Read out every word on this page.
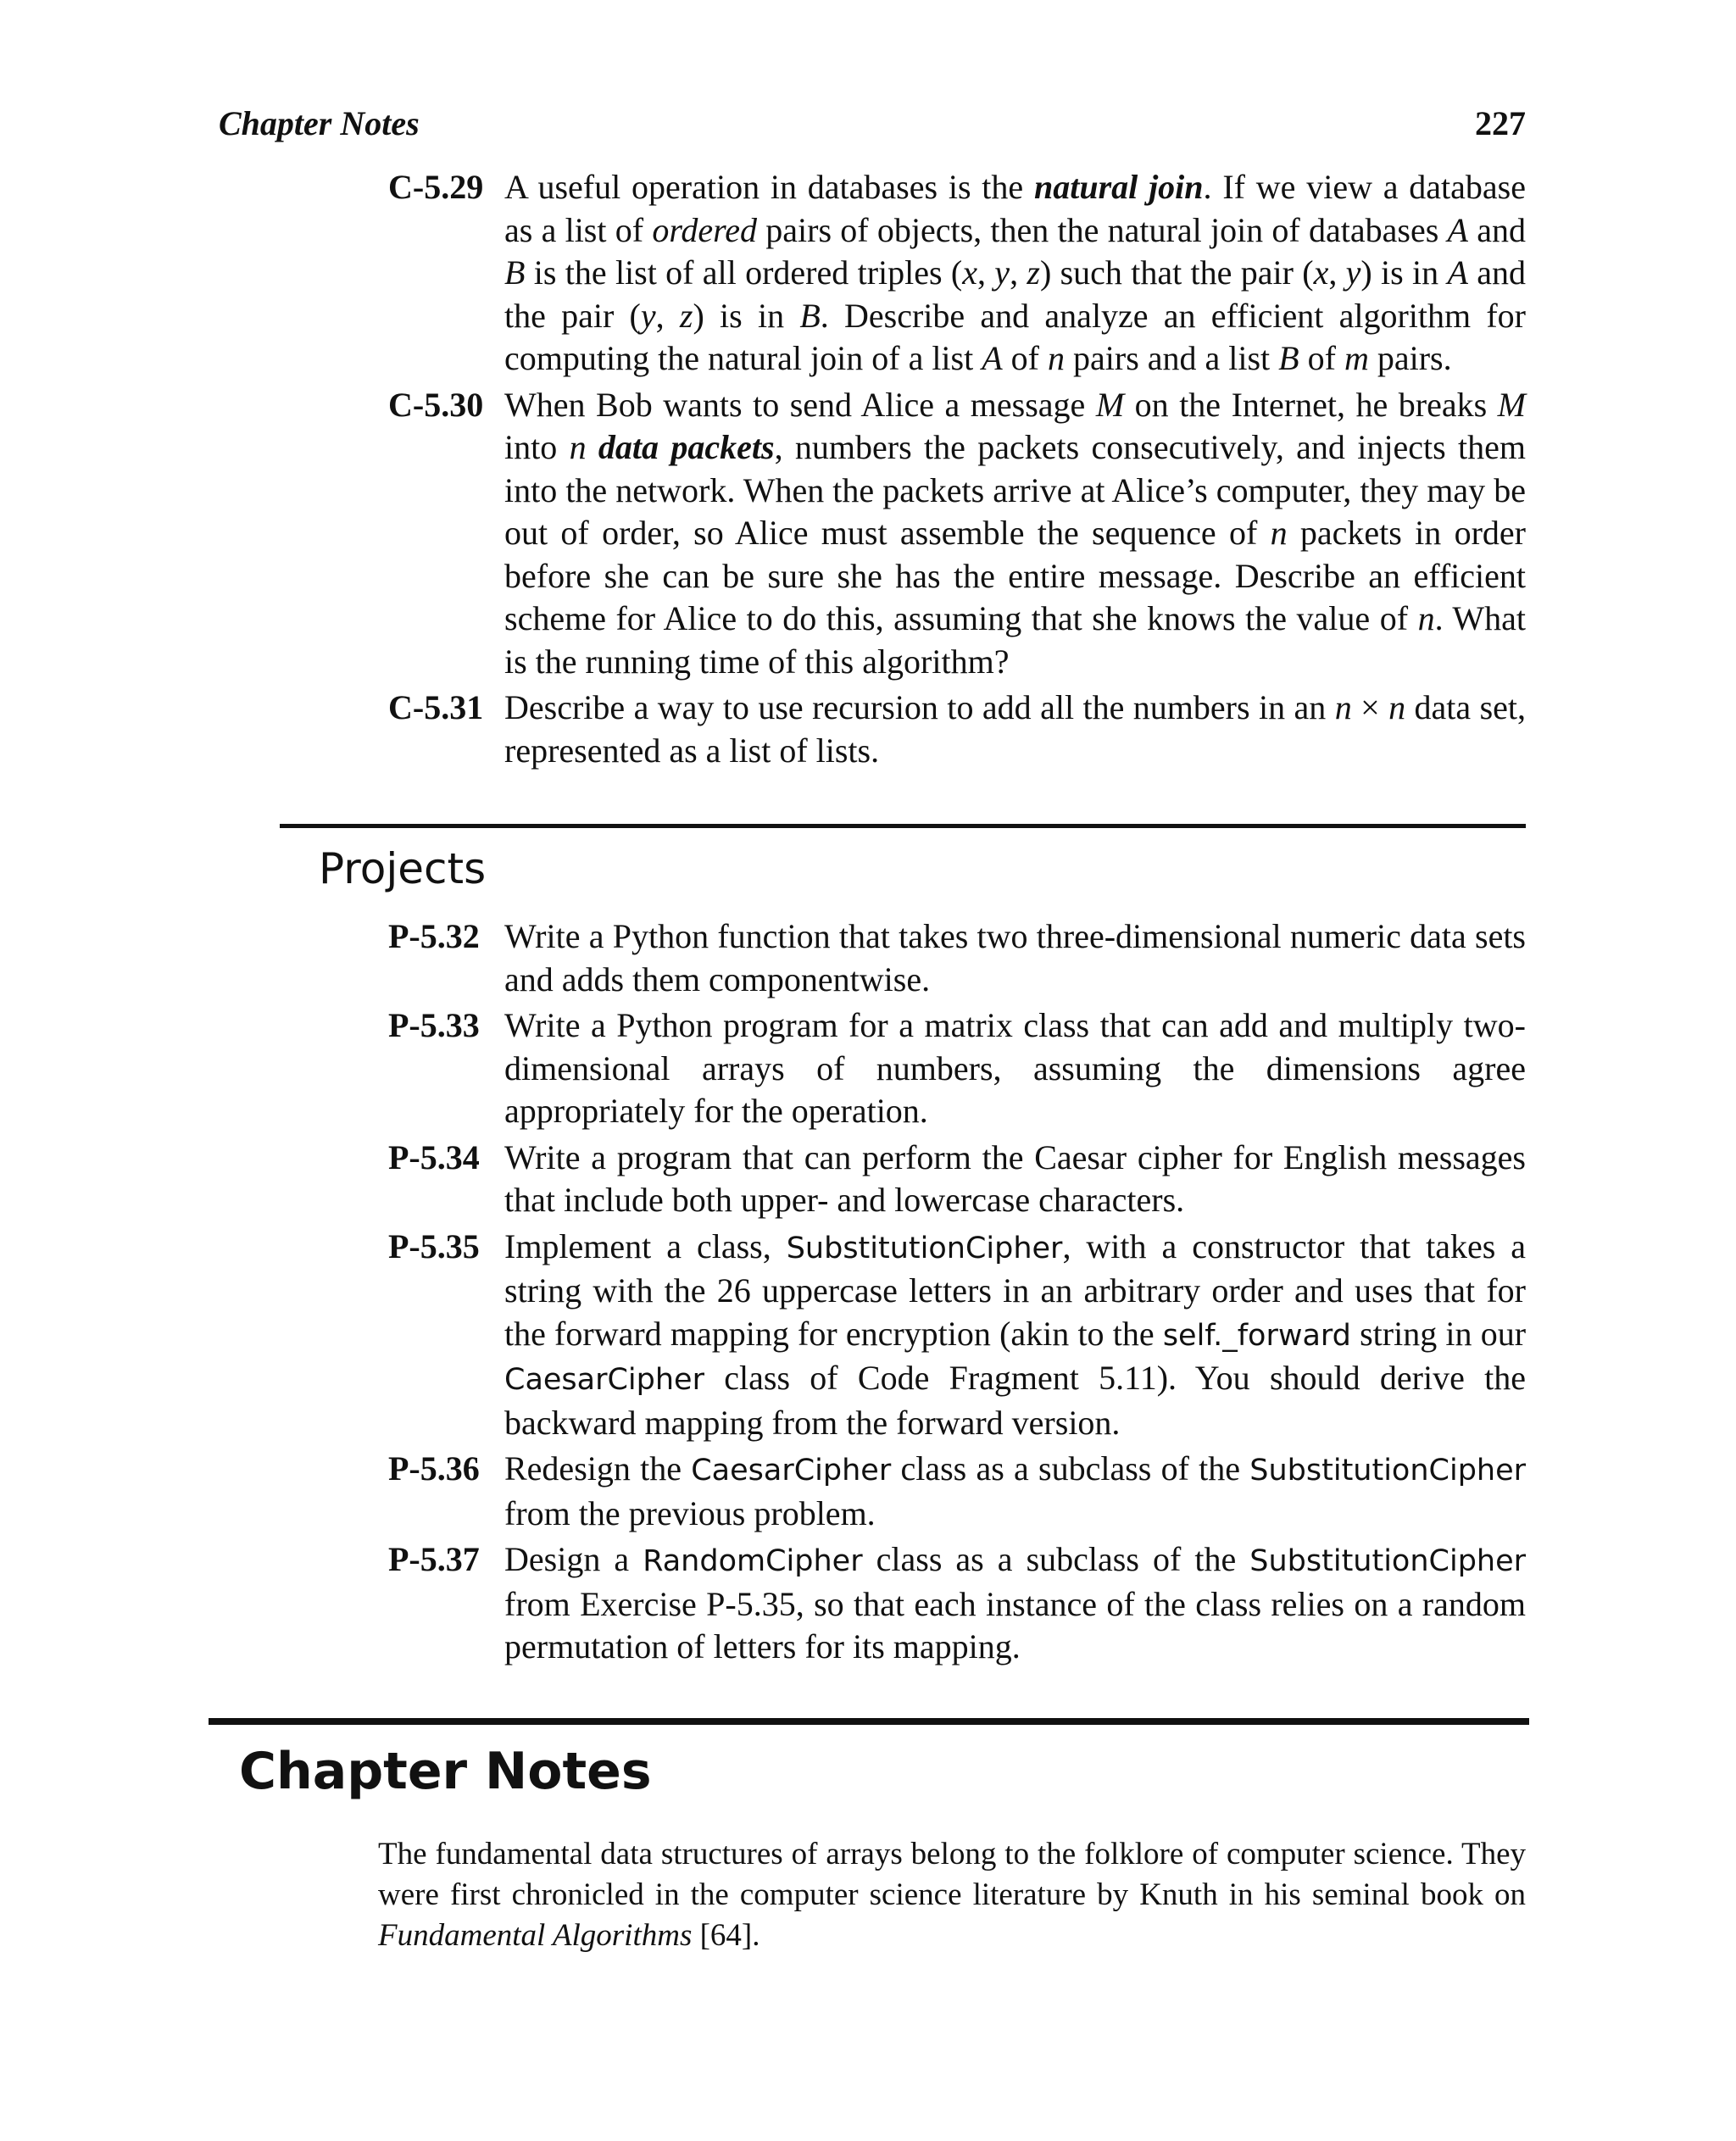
Chapter Notes	227
C-5.29 A useful operation in databases is the natural join. If we view a database as a list of ordered pairs of objects, then the natural join of databases A and B is the list of all ordered triples (x, y, z) such that the pair (x, y) is in A and the pair (y, z) is in B. Describe and analyze an efficient algorithm for computing the natural join of a list A of n pairs and a list B of m pairs.
C-5.30 When Bob wants to send Alice a message M on the Internet, he breaks M into n data packets, numbers the packets consecutively, and injects them into the network. When the packets arrive at Alice’s computer, they may be out of order, so Alice must assemble the sequence of n packets in order before she can be sure she has the entire message. Describe an efficient scheme for Alice to do this, assuming that she knows the value of n. What is the running time of this algorithm?
C-5.31 Describe a way to use recursion to add all the numbers in an n × n data set, represented as a list of lists.
Projects
P-5.32 Write a Python function that takes two three-dimensional numeric data sets and adds them componentwise.
P-5.33 Write a Python program for a matrix class that can add and multiply two-dimensional arrays of numbers, assuming the dimensions agree appropriately for the operation.
P-5.34 Write a program that can perform the Caesar cipher for English messages that include both upper- and lowercase characters.
P-5.35 Implement a class, SubstitutionCipher, with a constructor that takes a string with the 26 uppercase letters in an arbitrary order and uses that for the forward mapping for encryption (akin to the self._forward string in our CaesarCipher class of Code Fragment 5.11). You should derive the backward mapping from the forward version.
P-5.36 Redesign the CaesarCipher class as a subclass of the SubstitutionCipher from the previous problem.
P-5.37 Design a RandomCipher class as a subclass of the SubstitutionCipher from Exercise P-5.35, so that each instance of the class relies on a random permutation of letters for its mapping.
Chapter Notes

The fundamental data structures of arrays belong to the folklore of computer science. They were first chronicled in the computer science literature by Knuth in his seminal book on Fundamental Algorithms [64].
